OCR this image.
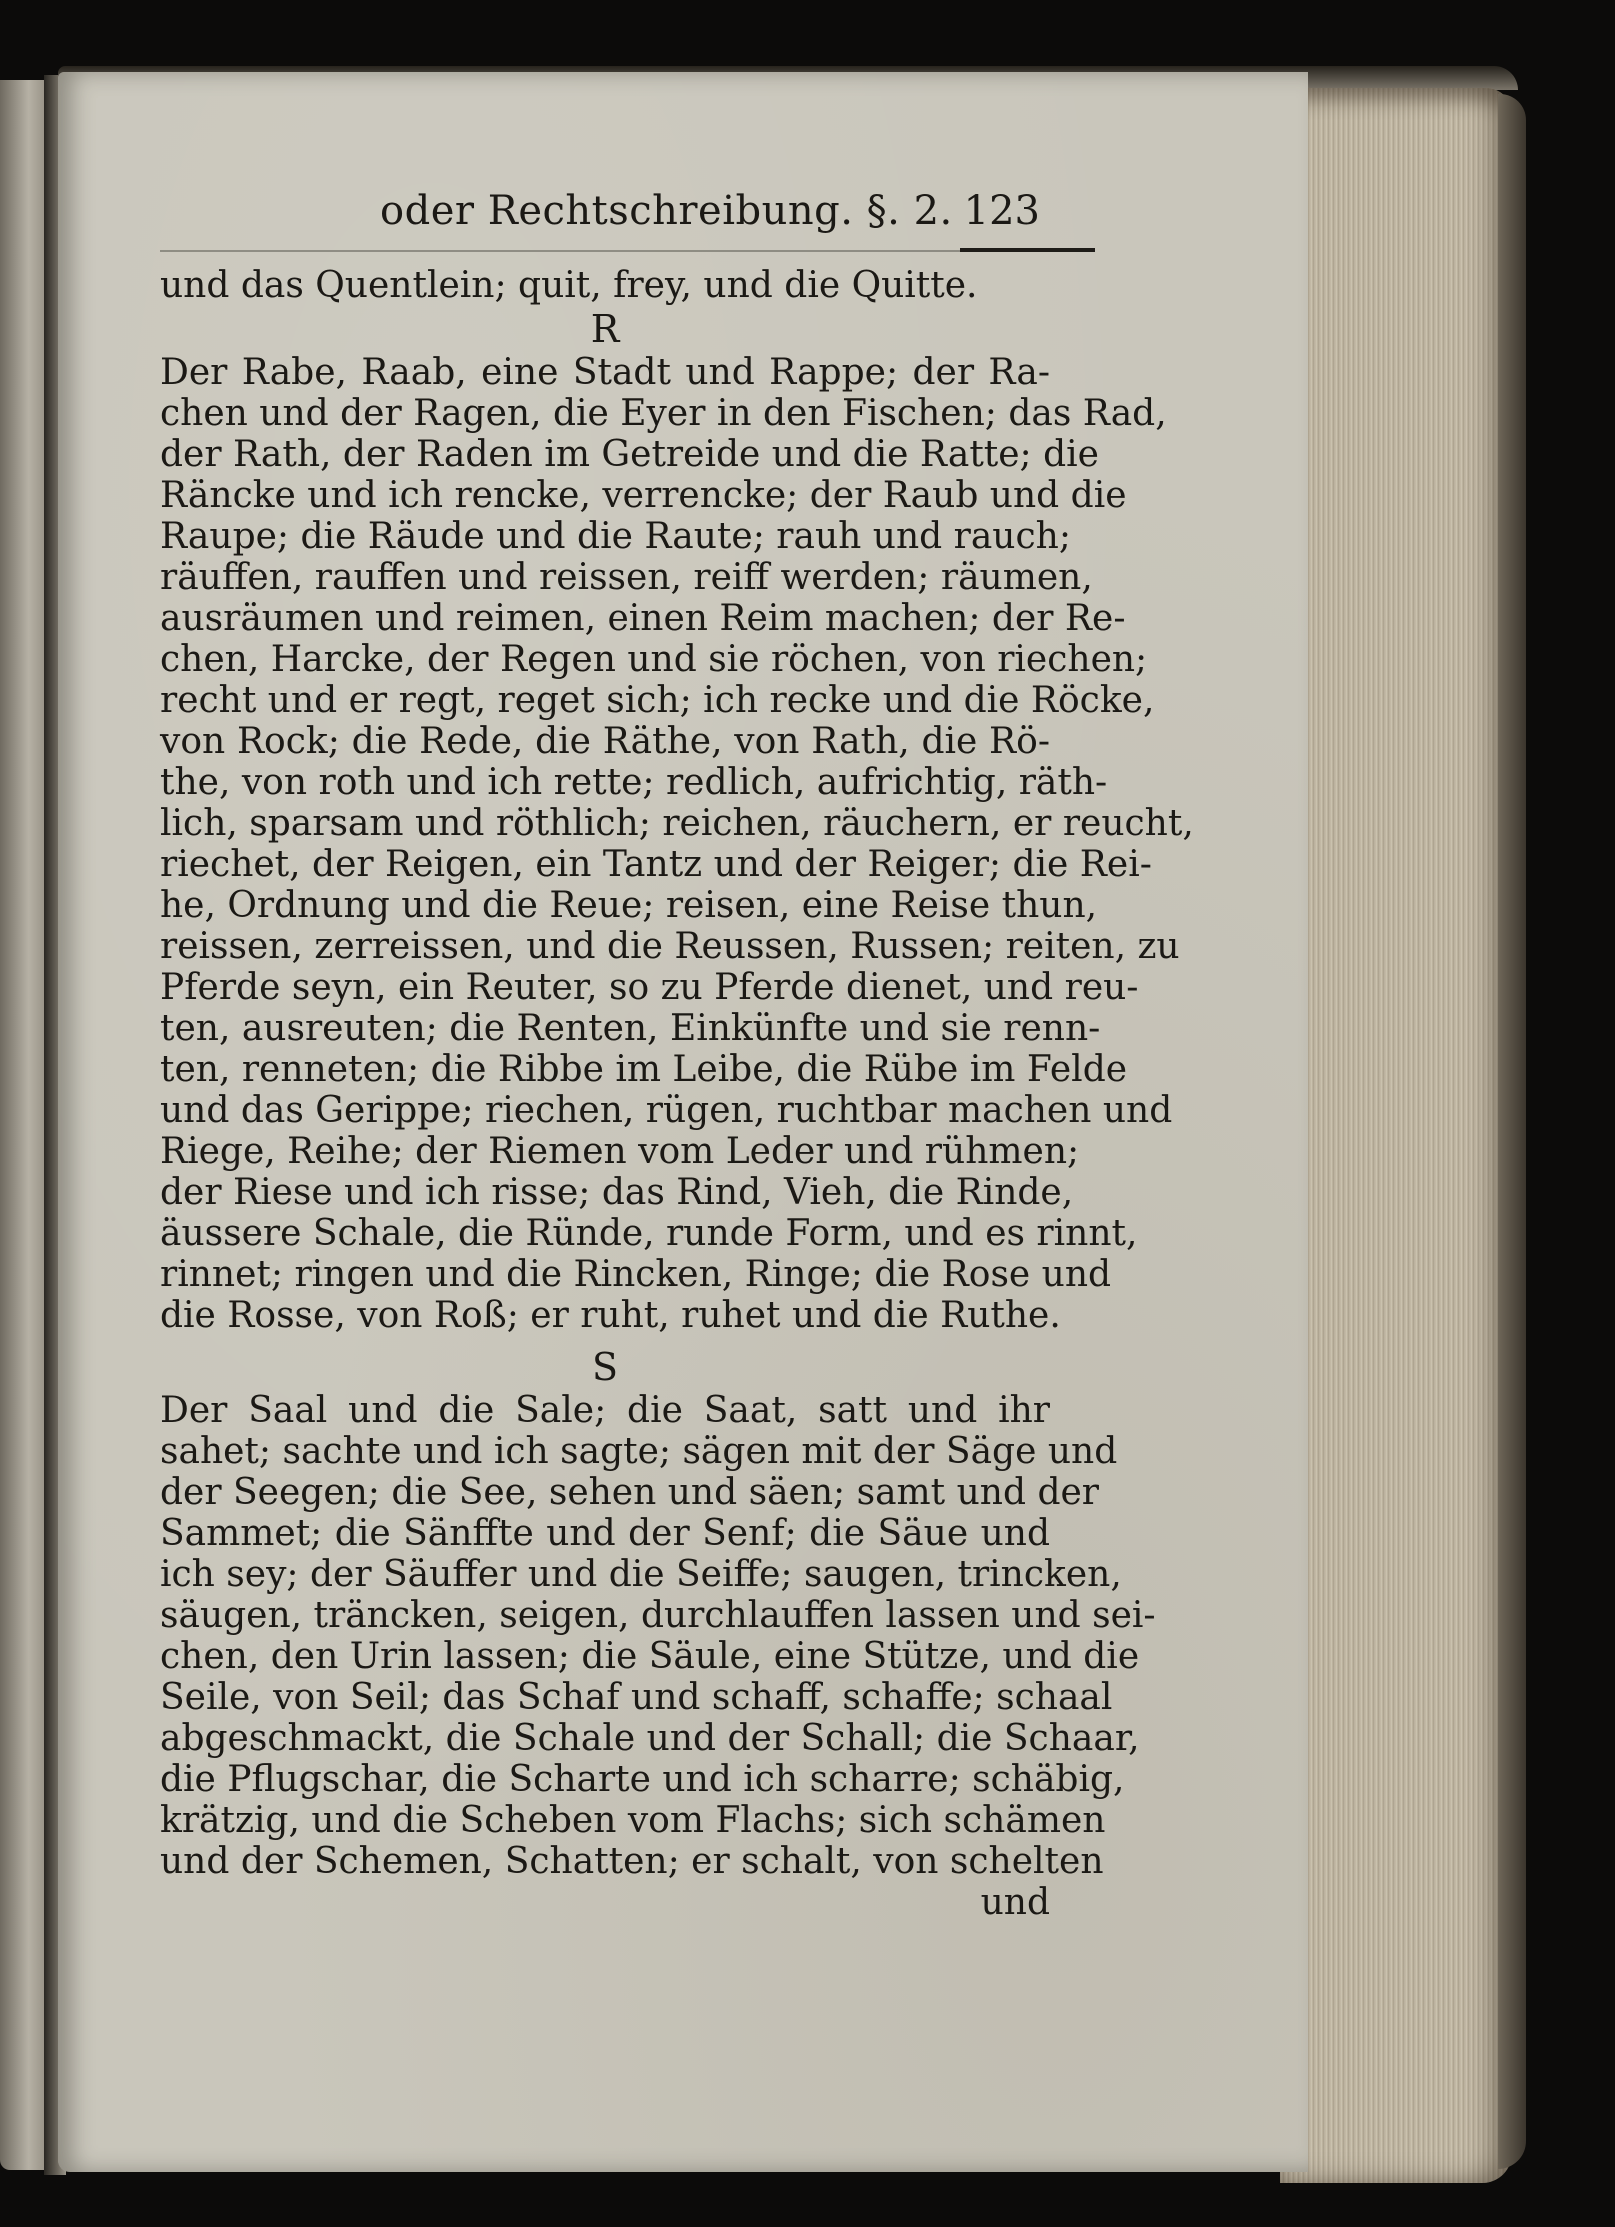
oder Rechtschreibung. §. 2. 123
und das Quentlein; quit, frey, und die Quitte.
R
Der Rabe, Raab, eine Stadt und Rappe; der Ra-
chen und der Ragen, die Eyer in den Fischen; das Rad,
der Rath, der Raden im Getreide und die Ratte; die
Räncke und ich rencke, verrencke; der Raub und die
Raupe; die Räude und die Raute; rauh und rauch;
räuffen, rauffen und reissen, reiff werden; räumen,
ausräumen und reimen, einen Reim machen; der Re-
chen, Harcke, der Regen und sie röchen, von riechen;
recht und er regt, reget sich; ich recke und die Röcke,
von Rock; die Rede, die Räthe, von Rath, die Rö-
the, von roth und ich rette; redlich, aufrichtig, räth-
lich, sparsam und röthlich; reichen, räuchern, er reucht,
riechet, der Reigen, ein Tantz und der Reiger; die Rei-
he, Ordnung und die Reue; reisen, eine Reise thun,
reissen, zerreissen, und die Reussen, Russen; reiten, zu
Pferde seyn, ein Reuter, so zu Pferde dienet, und reu-
ten, ausreuten; die Renten, Einkünfte und sie renn-
ten, renneten; die Ribbe im Leibe, die Rübe im Felde
und das Gerippe; riechen, rügen, ruchtbar machen und
Riege, Reihe; der Riemen vom Leder und rühmen;
der Riese und ich risse; das Rind, Vieh, die Rinde,
äussere Schale, die Ründe, runde Form, und es rinnt,
rinnet; ringen und die Rincken, Ringe; die Rose und
die Rosse, von Roß; er ruht, ruhet und die Ruthe.
S
Der Saal und die Sale; die Saat, satt und ihr
sahet; sachte und ich sagte; sägen mit der Säge und
der Seegen; die See, sehen und säen; samt und der
Sammet; die Sänffte und der Senf; die Säue und
ich sey; der Säuffer und die Seiffe; saugen, trincken,
säugen, träncken, seigen, durchlauffen lassen und sei-
chen, den Urin lassen; die Säule, eine Stütze, und die
Seile, von Seil; das Schaf und schaff, schaffe; schaal
abgeschmackt, die Schale und der Schall; die Schaar,
die Pflugschar, die Scharte und ich scharre; schäbig,
krätzig, und die Scheben vom Flachs; sich schämen
und der Schemen, Schatten; er schalt, von schelten
und
